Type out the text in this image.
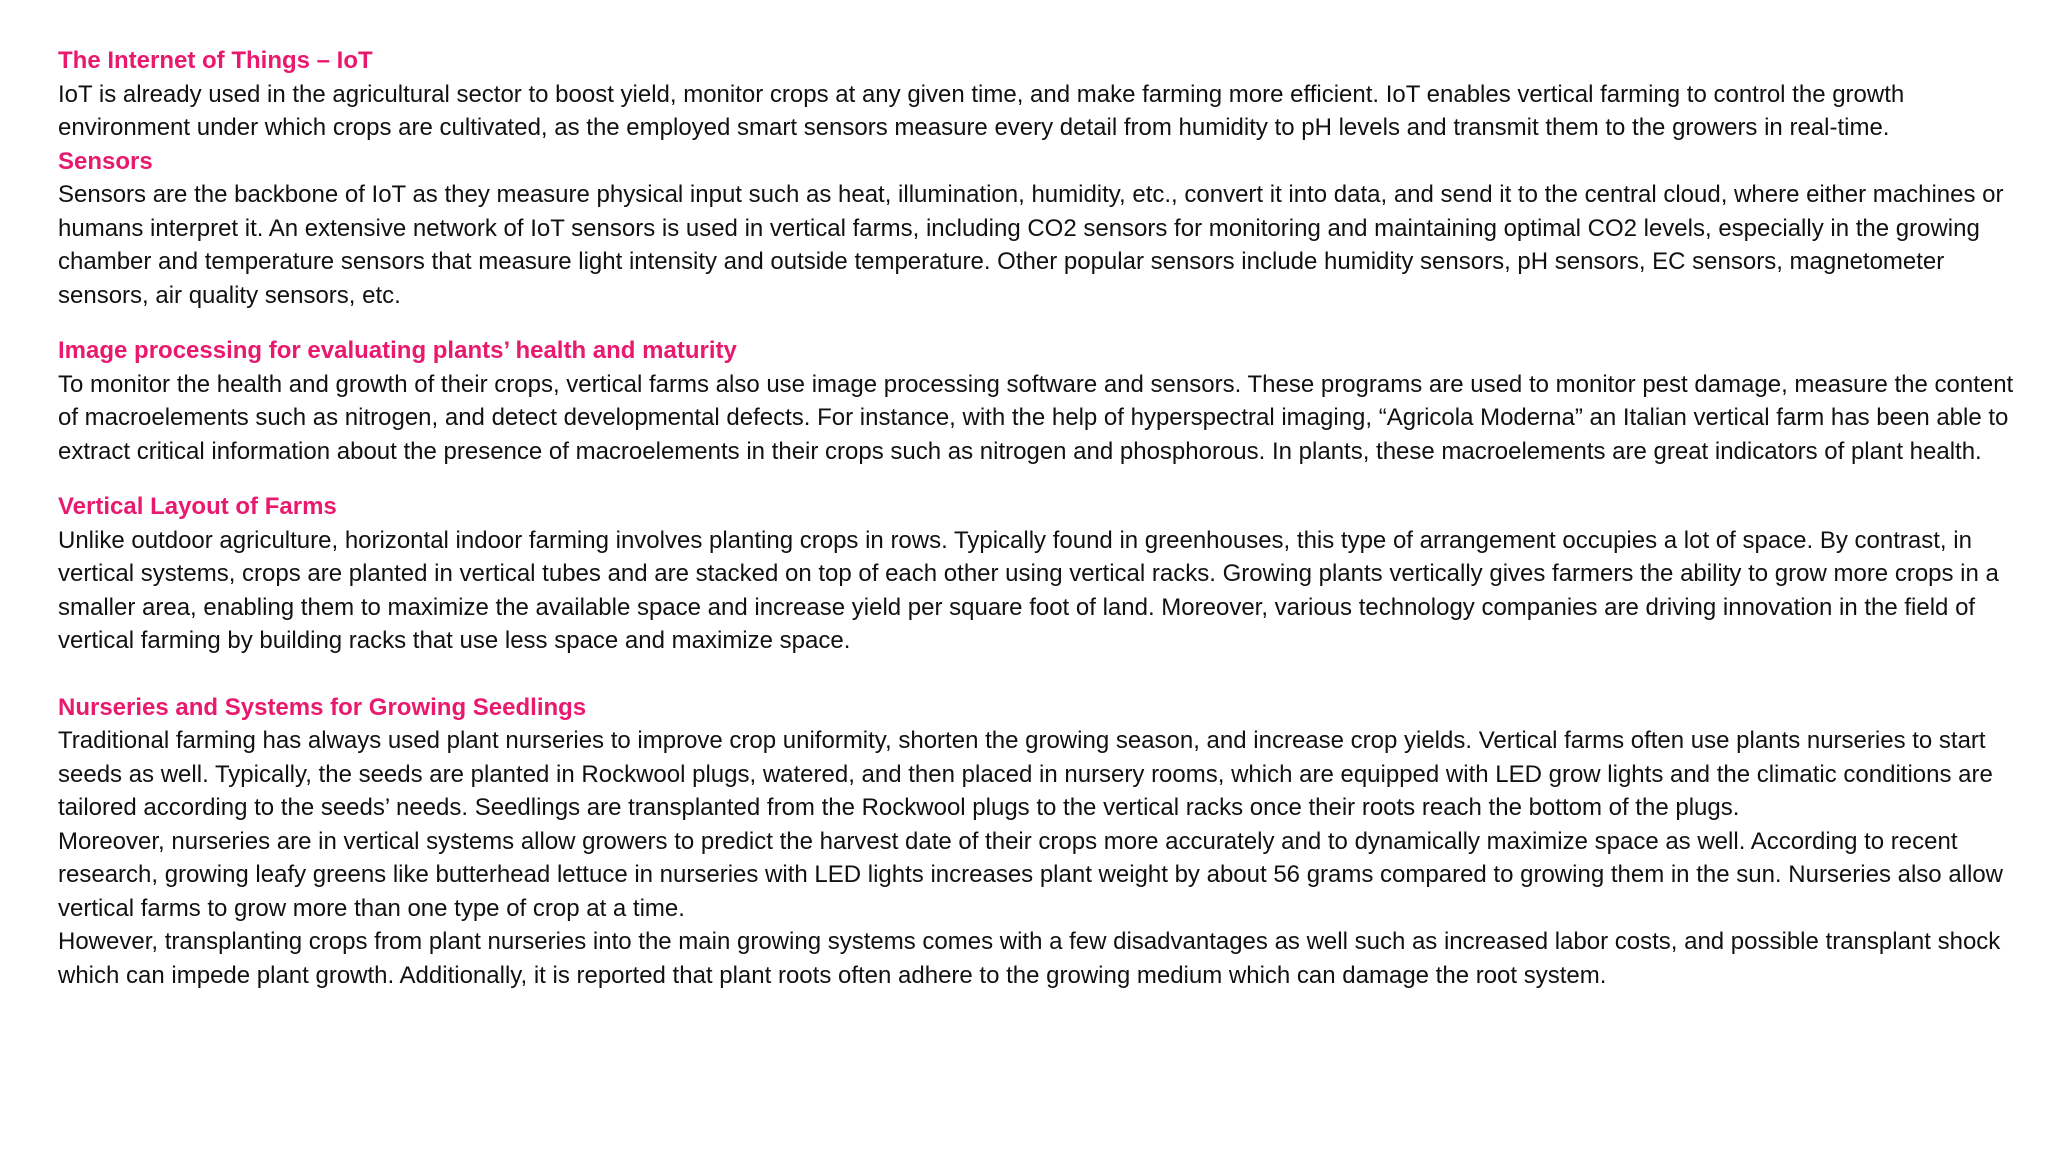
The Internet of Things – IoT

IoT is already used in the agricultural sector to boost yield, monitor crops at any given time, and make farming more efficient. IoT enables vertical farming to control the growth environment under which crops are cultivated, as the employed smart sensors measure every detail from humidity to pH levels and transmit them to the growers in real-time.

Sensors

Sensors are the backbone of IoT as they measure physical input such as heat, illumination, humidity, etc., convert it into data, and send it to the central cloud, where either machines or humans interpret it. An extensive network of IoT sensors is used in vertical farms, including CO2 sensors for monitoring and maintaining optimal CO2 levels, especially in the growing chamber and temperature sensors that measure light intensity and outside temperature. Other popular sensors include humidity sensors, pH sensors, EC sensors, magnetometer sensors, air quality sensors, etc.

Image processing for evaluating plants’ health and maturity

To monitor the health and growth of their crops, vertical farms also use image processing software and sensors. These programs are used to monitor pest damage, measure the content of macroelements such as nitrogen, and detect developmental defects. For instance, with the help of hyperspectral imaging, “Agricola Moderna” an Italian vertical farm has been able to extract critical information about the presence of macroelements in their crops such as nitrogen and phosphorous. In plants, these macroelements are great indicators of plant health.

Vertical Layout of Farms

Unlike outdoor agriculture, horizontal indoor farming involves planting crops in rows. Typically found in greenhouses, this type of arrangement occupies a lot of space. By contrast, in vertical systems, crops are planted in vertical tubes and are stacked on top of each other using vertical racks. Growing plants vertically gives farmers the ability to grow more crops in a smaller area, enabling them to maximize the available space and increase yield per square foot of land. Moreover, various technology companies are driving innovation in the field of vertical farming by building racks that use less space and maximize space.

Nurseries and Systems for Growing Seedlings

Traditional farming has always used plant nurseries to improve crop uniformity, shorten the growing season, and increase crop yields. Vertical farms often use plants nurseries to start seeds as well. Typically, the seeds are planted in Rockwool plugs, watered, and then placed in nursery rooms, which are equipped with LED grow lights and the climatic conditions are tailored according to the seeds’ needs. Seedlings are transplanted from the Rockwool plugs to the vertical racks once their roots reach the bottom of the plugs.

Moreover, nurseries are in vertical systems allow growers to predict the harvest date of their crops more accurately and to dynamically maximize space as well. According to recent research, growing leafy greens like butterhead lettuce in nurseries with LED lights increases plant weight by about 56 grams compared to growing them in the sun. Nurseries also allow vertical farms to grow more than one type of crop at a time.

However, transplanting crops from plant nurseries into the main growing systems comes with a few disadvantages as well such as increased labor costs, and possible transplant shock which can impede plant growth. Additionally, it is reported that plant roots often adhere to the growing medium which can damage the root system.
